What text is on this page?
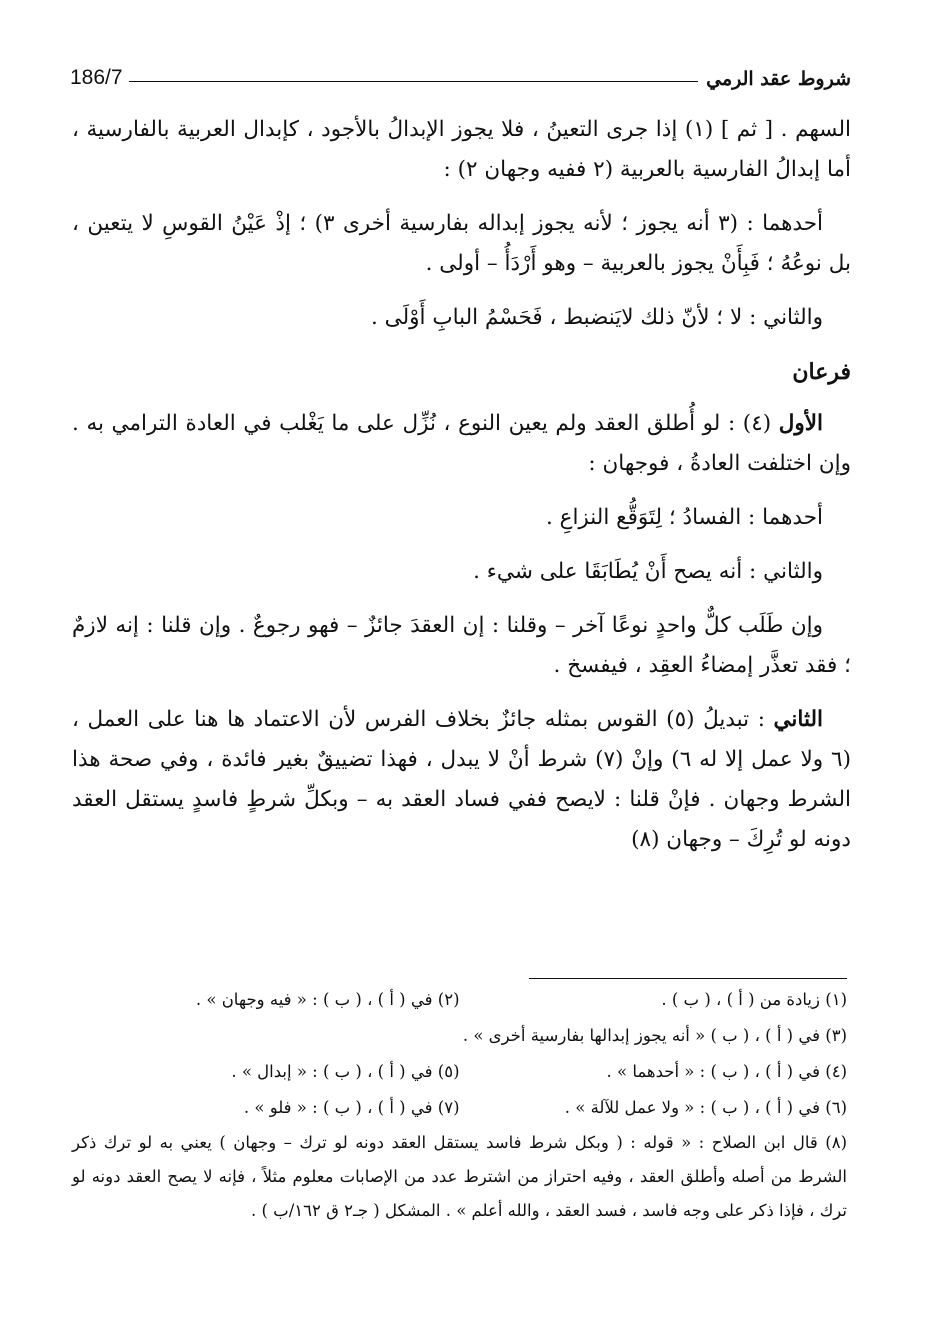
شروط عقد الرمي
186/7

السهم . [ ثم ] (١) إذا جرى التعينُ ، فلا يجوز الإبدالُ بالأجود ، كإبدال العربية بالفارسية ، أما إبدالُ الفارسية بالعربية (٢ ففيه وجهان ٢) :

أحدهما : (٣ أنه يجوز ؛ لأنه يجوز إبداله بفارسية أخرى ٣) ؛ إذْ عَيْنُ القوسِ لا يتعين ، بل نوعُهُ ؛ فَبِأَنْ يجوز بالعربية – وهو أَرْدَأُ – أولى .

والثاني : لا ؛ لأنّ ذلك لايَنضبط ، فَحَسْمُ البابِ أَوْلَى .

فرعان

الأول (٤) : لو أُطلق العقد ولم يعين النوع ، نُزِّل على ما يَغْلب في العادة الترامي به . وإن اختلفت العادةُ ، فوجهان :

أحدهما : الفسادُ ؛ لِتَوَقُّع النزاعِ .

والثاني : أنه يصح أَنْ يُطَابَقَا على شيء .

وإن طَلَب كلٌّ واحدٍ نوعًا آخر – وقلنا : إن العقدَ جائزٌ – فهو رجوعٌ . وإن قلنا : إنه لازمٌ ؛ فقد تعذَّر إمضاءُ العقِد ، فيفسخ .

الثاني : تبديلُ (٥) القوس بمثله جائزٌ بخلاف الفرس لأن الاعتماد ها هنا على العمل ، (٦ ولا عمل إلا له ٦) وإنْ (٧) شرط أنْ لا يبدل ، فهذا تضييقٌ بغير فائدة ، وفي صحة هذا الشرط وجهان . فإنْ قلنا : لايصح ففي فساد العقد به – وبكلِّ شرطٍ فاسدٍ يستقل العقد دونه لو تُرِكَ – وجهان (٨)

(١) زيادة من ( أ ) ، ( ب ) .
(٢) في ( أ ) ، ( ب ) : « فيه وجهان » .
(٣) في ( أ ) ، ( ب ) « أنه يجوز إبدالها بفارسية أخرى » .
(٤) في ( أ ) ، ( ب ) : « أحدهما » .
(٥) في ( أ ) ، ( ب ) : « إبدال » .
(٦) في ( أ ) ، ( ب ) : « ولا عمل للآلة » .
(٧) في ( أ ) ، ( ب ) : « فلو » .
(٨) قال ابن الصلاح : « قوله : ( وبكل شرط فاسد يستقل العقد دونه لو ترك – وجهان ) يعني به لو ترك ذكر الشرط من أصله وأطلق العقد ، وفيه احتراز من اشترط عدد من الإصابات معلوم مثلاً ، فإنه لا يصح العقد دونه لو ترك ، فإذا ذكر على وجه فاسد ، فسد العقد ، والله أعلم » . المشكل ( جـ٢ ق ١٦٢/ب ) .
